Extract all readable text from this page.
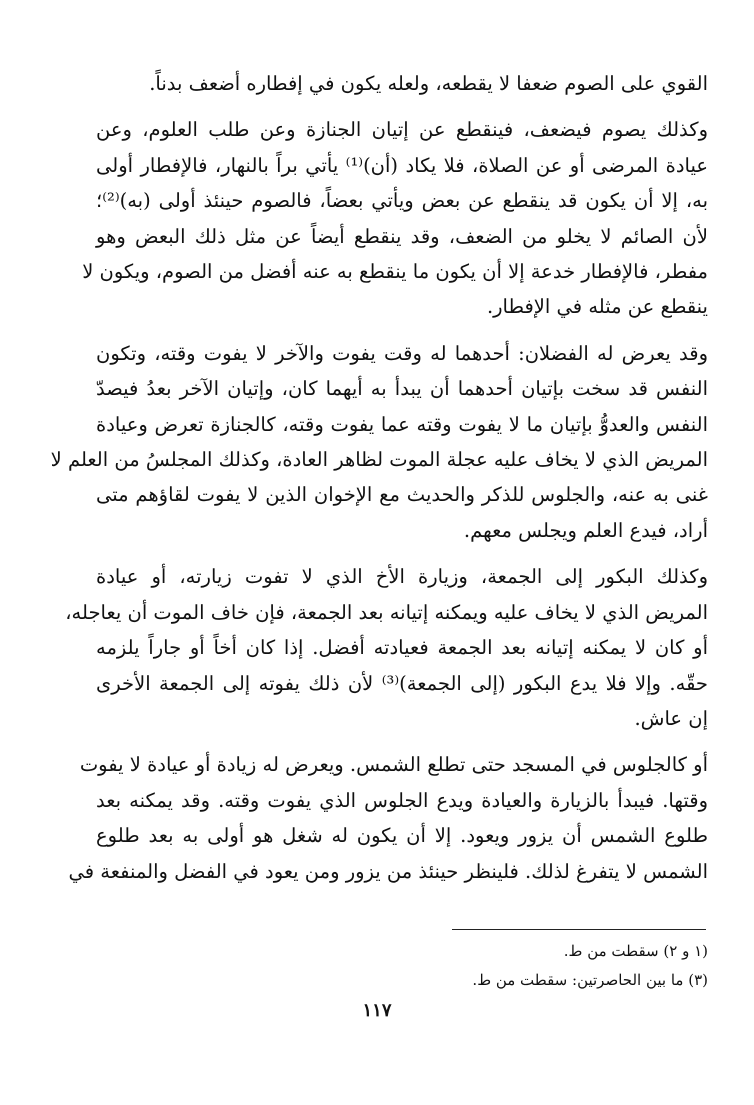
القوي على الصوم ضعفا لا يقطعه، ولعله يكون في إفطاره أضعف بدناً.
وكذلك يصوم فيضعف، فينقطع عن إتيان الجنازة وعن طلب العلوم، وعن
عيادة المرضى أو عن الصلاة، فلا يكاد (أن)⁽¹⁾ يأتي براً بالنهار، فالإفطار أولى
به، إلا أن يكون قد ينقطع عن بعض ويأتي بعضاً، فالصوم حينئذ أولى (به)⁽²⁾؛
لأن الصائم لا يخلو من الضعف، وقد ينقطع أيضاً عن مثل ذلك البعض وهو
مفطر، فالإفطار خدعة إلا أن يكون ما ينقطع به عنه أفضل من الصوم، ويكون لا
ينقطع عن مثله في الإفطار.
وقد يعرض له الفضلان: أحدهما له وقت يفوت والآخر لا يفوت وقته، وتكون
النفس قد سخت بإتيان أحدهما أن يبدأ به أيهما كان، وإتيان الآخر بعدُ فيصدّ
النفس والعدوُّ بإتيان ما لا يفوت وقته عما يفوت وقته، كالجنازة تعرض وعيادة
المريض الذي لا يخاف عليه عجلة الموت لظاهر العادة، وكذلك المجلسُ من العلم لا
غنى به عنه، والجلوس للذكر والحديث مع الإخوان الذين لا يفوت لقاؤهم متى
أراد، فيدع العلم ويجلس معهم.
وكذلك البكور إلى الجمعة، وزيارة الأخ الذي لا تفوت زيارته، أو عيادة
المريض الذي لا يخاف عليه ويمكنه إتيانه بعد الجمعة، فإن خاف الموت أن يعاجله،
أو كان لا يمكنه إتيانه بعد الجمعة فعيادته أفضل. إذا كان أخاً أو جاراً يلزمه
حقّه. وإلا فلا يدع البكور (إلى الجمعة)⁽³⁾ لأن ذلك يفوته إلى الجمعة الأخرى
إن عاش.
أو كالجلوس في المسجد حتى تطلع الشمس. ويعرض له زيادة أو عيادة لا يفوت
وقتها. فيبدأ بالزيارة والعيادة ويدع الجلوس الذي يفوت وقته. وقد يمكنه بعد
طلوع الشمس أن يزور ويعود. إلا أن يكون له شغل هو أولى به بعد طلوع
الشمس لا يتفرغ لذلك. فلينظر حينئذ من يزور ومن يعود في الفضل والمنفعة في
(١ و ٢) سقطت من ط.
(٣) ما بين الحاصرتين: سقطت من ط.
١١٧
